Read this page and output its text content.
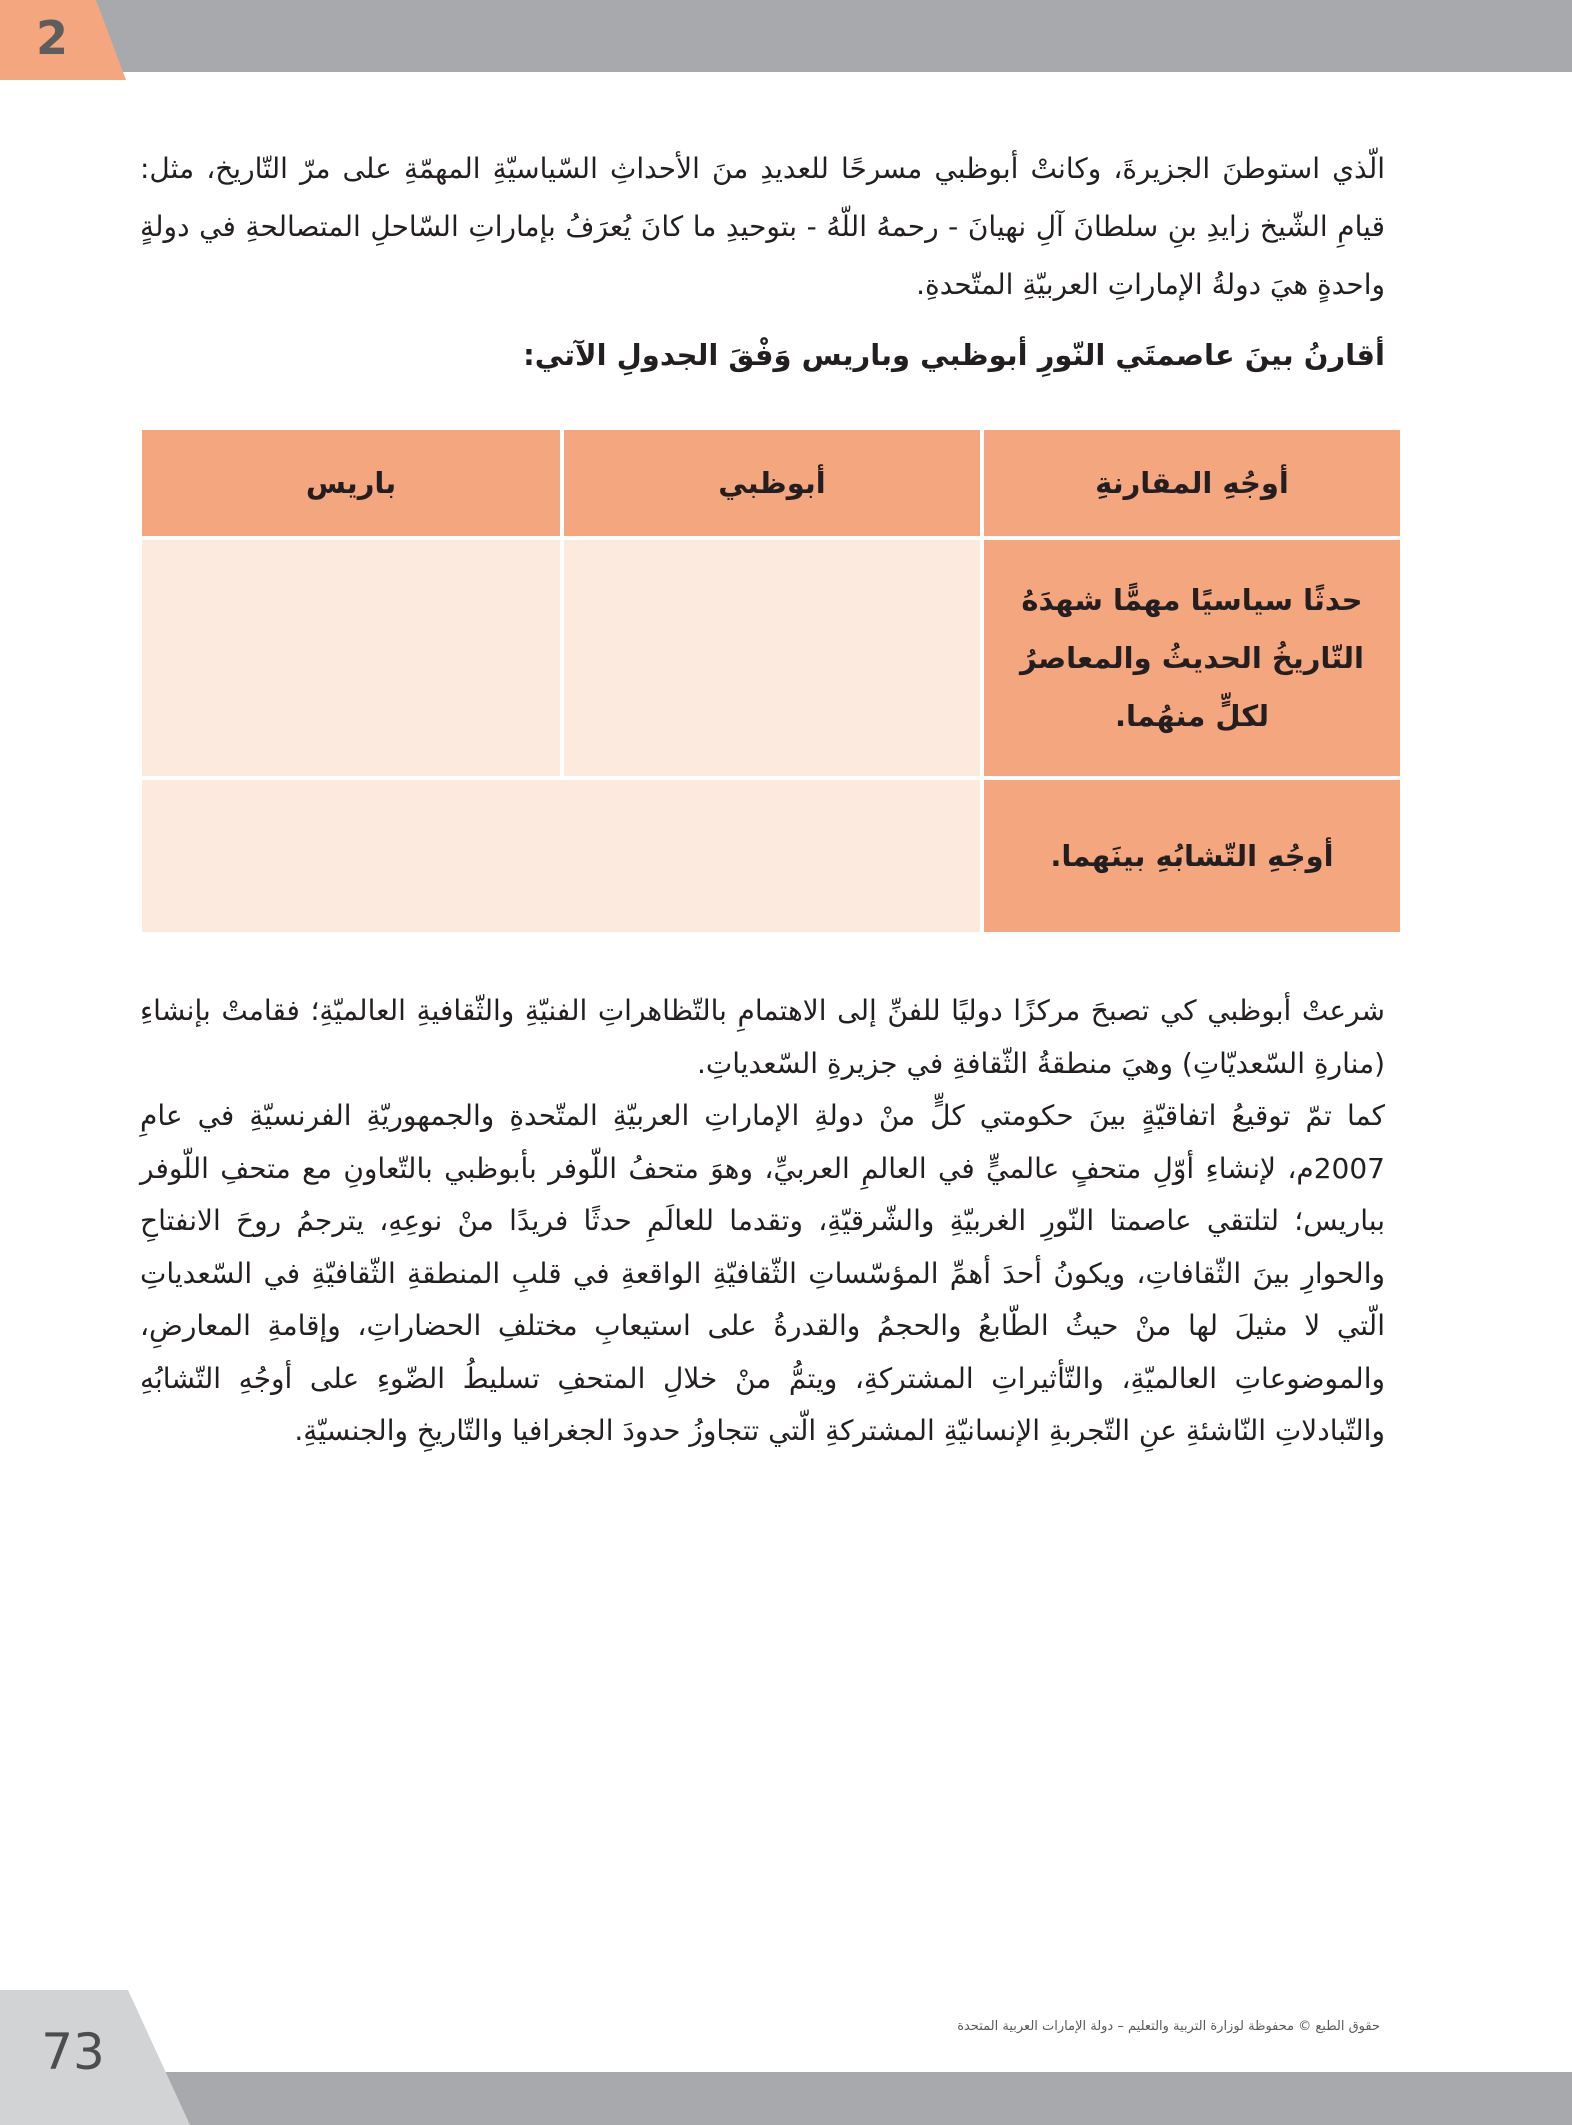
2
الّذي استوطنَ الجزيرةَ، وكانتْ أبوظبي مسرحًا للعديدِ منَ الأحداثِ السّياسيّةِ المهمّةِ على مرّ التّاريخ، مثل: قيامِ الشّيخ زايدِ بنِ سلطانَ آلِ نهيانَ - رحمهُ اللّهُ - بتوحيدِ ما كانَ يُعرَفُ بإماراتِ السّاحلِ المتصالحةِ في دولةٍ واحدةٍ هيَ دولةُ الإماراتِ العربيّةِ المتّحدةِ.
أقارنُ بينَ عاصمتَي النّورِ أبوظبي وباريس وَفْقَ الجدولِ الآتي:
أوجُهِ المقارنةِ	أبوظبي	باريس
حدثًا سياسيًا مهمًّا شهدَهُ التّاريخُ الحديثُ والمعاصرُ لكلٍّ منهُما.		
أوجُهِ التّشابُهِ بينَهما.		

شرعتْ أبوظبي كي تصبحَ مركزًا دوليًا للفنِّ إلى الاهتمامِ بالتّظاهراتِ الفنيّةِ والثّقافيةِ العالميّةِ؛ فقامتْ بإنشاءِ (منارةِ السّعديّاتِ) وهيَ منطقةُ الثّقافةِ في جزيرةِ السّعدياتِ.

كما تمّ توقيعُ اتفاقيّةٍ بينَ حكومتي كلٍّ منْ دولةِ الإماراتِ العربيّةِ المتّحدةِ والجمهوريّةِ الفرنسيّةِ في عامِ 2007م، لإنشاءِ أوّلِ متحفٍ عالميٍّ في العالمِ العربيِّ، وهوَ متحفُ اللّوفر بأبوظبي بالتّعاونِ مع متحفِ اللّوفر بباريس؛ لتلتقي عاصمتا النّورِ الغربيّةِ والشّرقيّةِ، وتقدما للعالَمِ حدثًا فريدًا منْ نوعِهِ، يترجمُ روحَ الانفتاحِ والحوارِ بينَ الثّقافاتِ، ويكونُ أحدَ أهمِّ المؤسّساتِ الثّقافيّةِ الواقعةِ في قلبِ المنطقةِ الثّقافيّةِ في السّعدياتِ الّتي لا مثيلَ لها منْ حيثُ الطّابعُ والحجمُ والقدرةُ على استيعابِ مختلفِ الحضاراتِ، وإقامةِ المعارضِ، والموضوعاتِ العالميّةِ، والتّأثيراتِ المشتركةِ، ويتمُّ منْ خلالِ المتحفِ تسليطُ الضّوءِ على أوجُهِ التّشابُهِ والتّبادلاتِ النّاشئةِ عنِ التّجربةِ الإنسانيّةِ المشتركةِ الّتي تتجاوزُ حدودَ الجغرافيا والتّاريخِ والجنسيّةِ.

73	حقوق الطبع © محفوظة لوزارة التربية والتعليم – دولة الإمارات العربية المتحدة
